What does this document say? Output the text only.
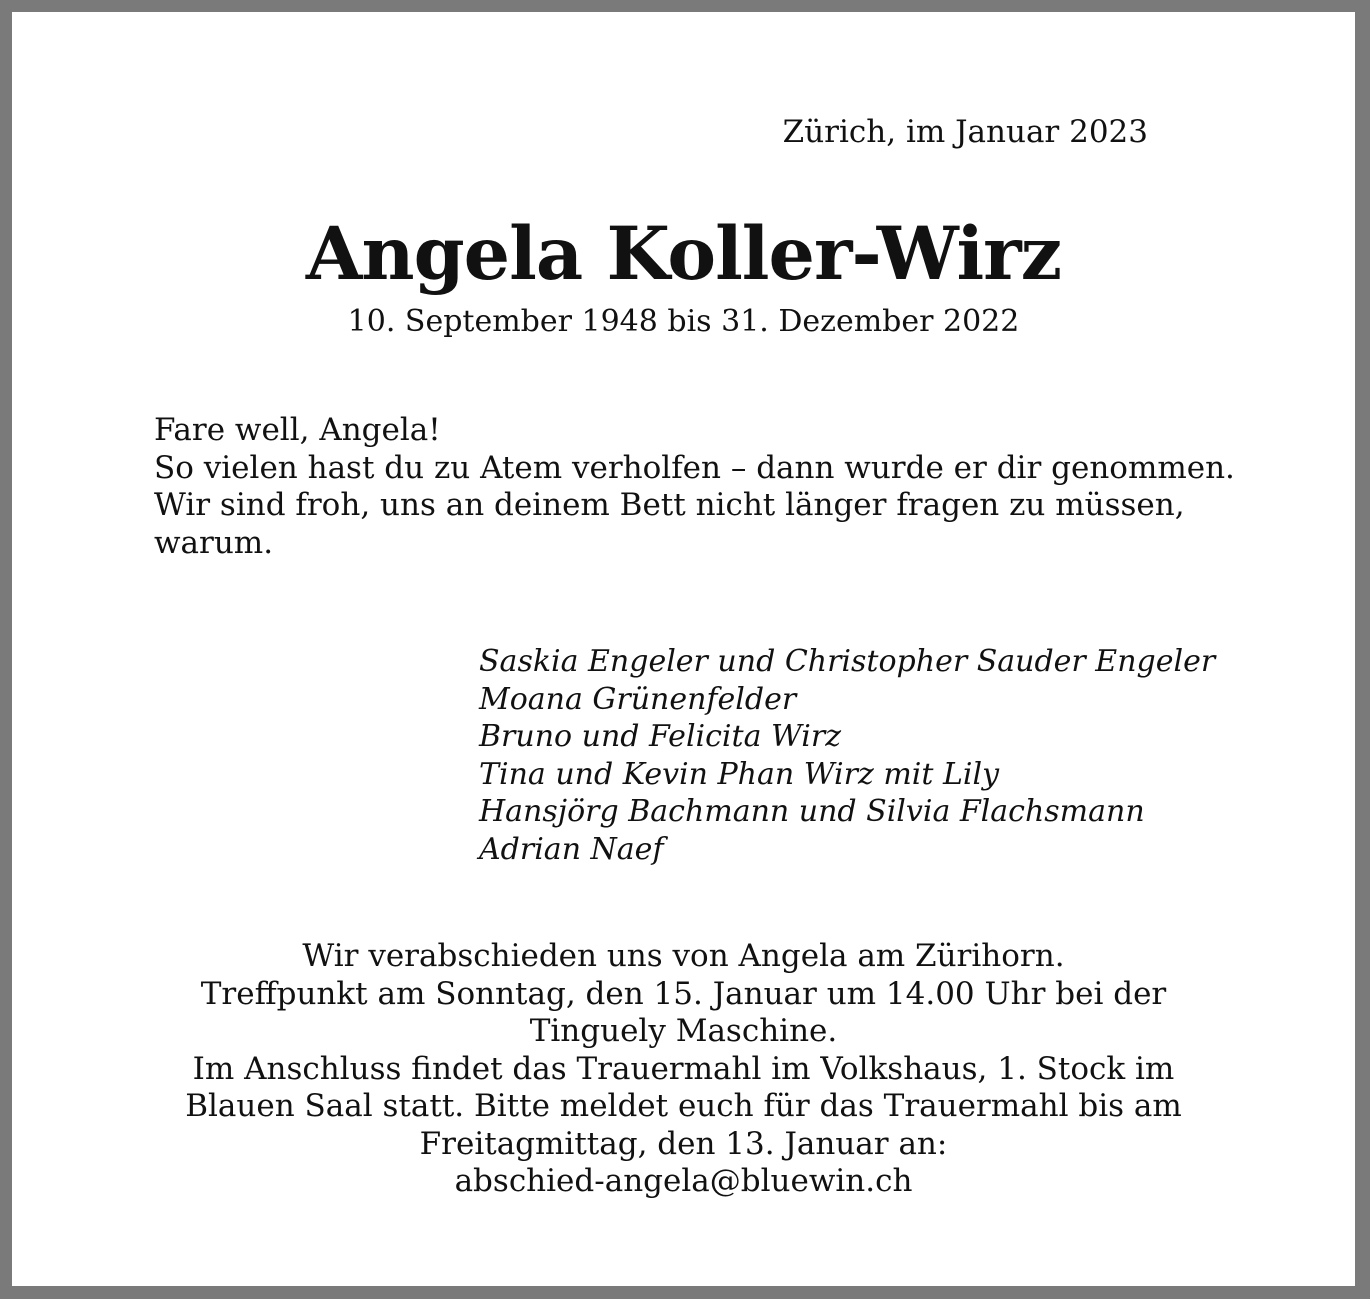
Zürich, im Januar 2023
Angela Koller-Wirz
10. September 1948 bis 31. Dezember 2022
Fare well, Angela!
So vielen hast du zu Atem verholfen – dann wurde er dir genommen.
Wir sind froh, uns an deinem Bett nicht länger fragen zu müssen,
warum.
Saskia Engeler und Christopher Sauder Engeler
Moana Grünenfelder
Bruno und Felicita Wirz
Tina und Kevin Phan Wirz mit Lily
Hansjörg Bachmann und Silvia Flachsmann
Adrian Naef
Wir verabschieden uns von Angela am Zürihorn.
Treffpunkt am Sonntag, den 15. Januar um 14.00 Uhr bei der
Tinguely Maschine.
Im Anschluss findet das Trauermahl im Volkshaus, 1. Stock im
Blauen Saal statt. Bitte meldet euch für das Trauermahl bis am
Freitagmittag, den 13. Januar an:
abschied-angela@bluewin.ch
